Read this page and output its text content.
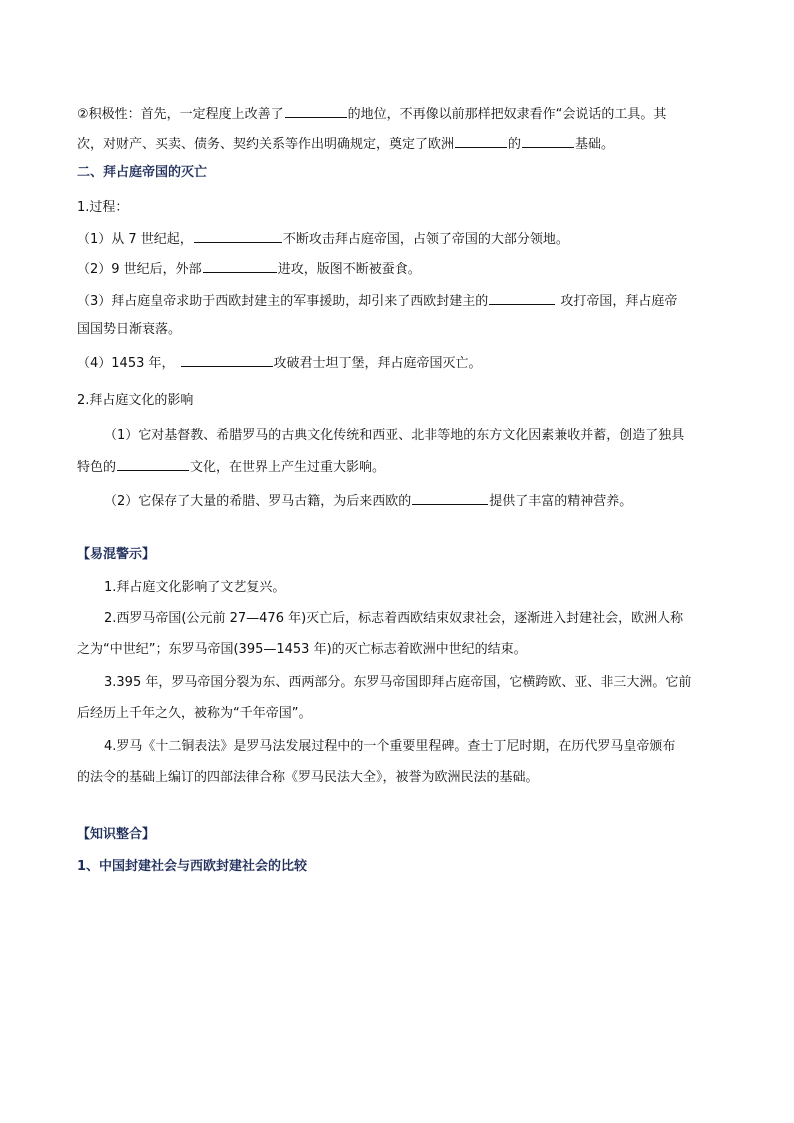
②积极性：首先，一定程度上改善了	的地位，不再像以前那样把奴隶看作“会说话的工具。其
次，对财产、买卖、债务、契约关系等作出明确规定，奠定了欧洲	的	基础。
二、拜占庭帝国的灭亡
1.过程：
（1）从 7 世纪起，	不断攻击拜占庭帝国，占领了帝国的大部分领地。
（2）9 世纪后，外部	进攻，版图不断被蚕食。
（3）拜占庭皇帝求助于西欧封建主的军事援助，却引来了西欧封建主的	攻打帝国，拜占庭帝
国国势日渐衰落。
（4）1453 年，	攻破君士坦丁堡，拜占庭帝国灭亡。
2.拜占庭文化的影响
（1）它对基督教、希腊罗马的古典文化传统和西亚、北非等地的东方文化因素兼收并蓄，创造了独具
特色的	文化，在世界上产生过重大影响。
（2）它保存了大量的希腊、罗马古籍，为后来西欧的	提供了丰富的精神营养。
【易混警示】
1.拜占庭文化影响了文艺复兴。
2.西罗马帝国(公元前 27—476 年)灭亡后，标志着西欧结束奴隶社会，逐渐进入封建社会，欧洲人称
之为“中世纪”；东罗马帝国(395—1453 年)的灭亡标志着欧洲中世纪的结束。
3.395 年，罗马帝国分裂为东、西两部分。东罗马帝国即拜占庭帝国，它横跨欧、亚、非三大洲。它前
后经历上千年之久，被称为“千年帝国”。
4.罗马《十二铜表法》是罗马法发展过程中的一个重要里程碑。查士丁尼时期，在历代罗马皇帝颁布
的法令的基础上编订的四部法律合称《罗马民法大全》，被誉为欧洲民法的基础。
【知识整合】
1、中国封建社会与西欧封建社会的比较
